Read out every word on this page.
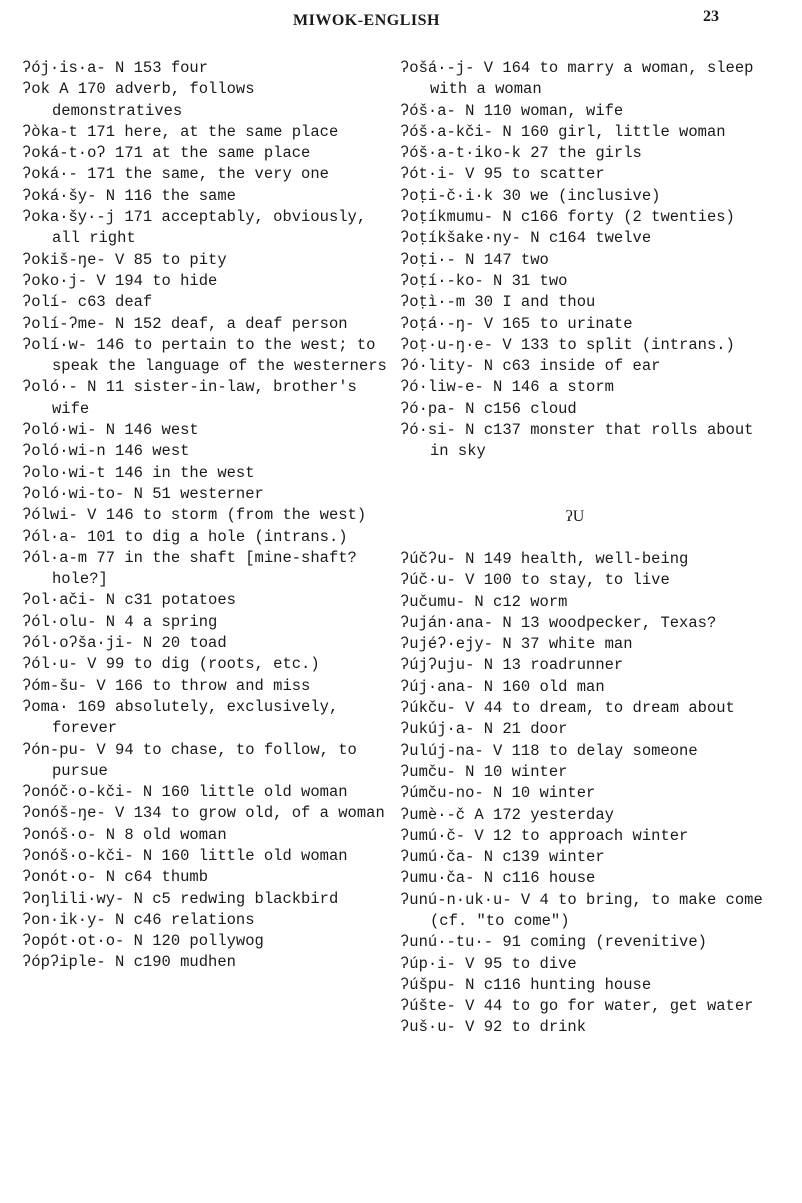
MIWOK-ENGLISH	23
ʔój·is·a- N 153 four
ʔok A 170 adverb, follows demonstratives
ʔòka-t 171 here, at the same place
ʔoká-t·oʔ 171 at the same place
ʔoká·- 171 the same, the very one
ʔoká·šy- N 116 the same
ʔoka·šy·-j 171 acceptably, obviously, all right
ʔokiš-ŋe- V 85 to pity
ʔoko·j- V 194 to hide
ʔolí- c63 deaf
ʔolí-ʔme- N 152 deaf, a deaf person
ʔolí·w- 146 to pertain to the west; to speak the language of the westerners
ʔoló·- N 11 sister-in-law, brother's wife
ʔoló·wi- N 146 west
ʔoló·wi-n 146 west
ʔolo·wi-t 146 in the west
ʔoló·wi-to- N 51 westerner
ʔólwi- V 146 to storm (from the west)
ʔól·a- 101 to dig a hole (intrans.)
ʔól·a-m 77 in the shaft [mine-shaft? hole?]
ʔol·ači- N c31 potatoes
ʔól·olu- N 4 a spring
ʔól·oʔša·ji- N 20 toad
ʔól·u- V 99 to dig (roots, etc.)
ʔóm-šu- V 166 to throw and miss
ʔoma· 169 absolutely, exclusively, forever
ʔón-pu- V 94 to chase, to follow, to pursue
ʔonóč·o-kči- N 160 little old woman
ʔonóš-ŋe- V 134 to grow old, of a woman
ʔonóš·o- N 8 old woman
ʔonóš·o-kči- N 160 little old woman
ʔonót·o- N c64 thumb
ʔoŋlili·wy- N c5 redwing blackbird
ʔon·ik·y- N c46 relations
ʔopót·ot·o- N 120 pollywog
ʔópʔiple- N c190 mudhen
ʔošá·-j- V 164 to marry a woman, sleep with a woman
ʔóš·a- N 110 woman, wife
ʔóš·a-kči- N 160 girl, little woman
ʔóš·a-t·iko-k 27 the girls
ʔót·i- V 95 to scatter
ʔoṭi-č·i·k 30 we (inclusive)
ʔoṭíkmumu- N c166 forty (2 twenties)
ʔoṭíkšake·ny- N c164 twelve
ʔoṭi·- N 147 two
ʔoṭí·-ko- N 31 two
ʔoṭì·-m 30 I and thou
ʔoṭá·-ŋ- V 165 to urinate
ʔoṭ·u-ŋ·e- V 133 to split (intrans.)
ʔó·lity- N c63 inside of ear
ʔó·liw-e- N 146 a storm
ʔó·pa- N c156 cloud
ʔó·si- N c137 monster that rolls about in sky
ʔU
ʔúčʔu- N 149 health, well-being
ʔúč·u- V 100 to stay, to live
ʔučumu- N c12 worm
ʔuján·ana- N 13 woodpecker, Texas?
ʔujéʔ·ejy- N 37 white man
ʔújʔuju- N 13 roadrunner
ʔúj·ana- N 160 old man
ʔúkču- V 44 to dream, to dream about
ʔukúj·a- N 21 door
ʔulúj-na- V 118 to delay someone
ʔumču- N 10 winter
ʔúmču-no- N 10 winter
ʔumè·-č A 172 yesterday
ʔumú·č- V 12 to approach winter
ʔumú·ča- N c139 winter
ʔumu·ča- N c116 house
ʔunú-n·uk·u- V 4 to bring, to make come (cf. "to come")
ʔunú·-tu·- 91 coming (revenitive)
ʔúp·i- V 95 to dive
ʔúšpu- N c116 hunting house
ʔúšte- V 44 to go for water, get water
ʔuš·u- V 92 to drink
